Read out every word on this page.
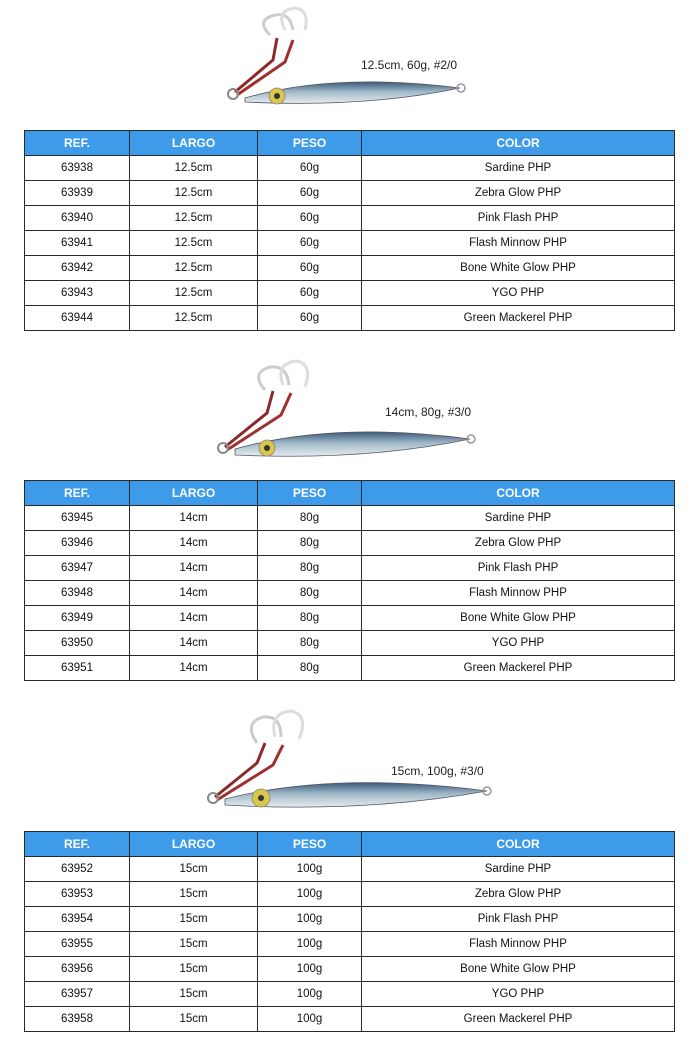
12.5cm, 60g, #2/0
REF.	LARGO	PESO	COLOR
63938	12.5cm	60g	Sardine PHP
63939	12.5cm	60g	Zebra Glow PHP
63940	12.5cm	60g	Pink Flash PHP
63941	12.5cm	60g	Flash Minnow PHP
63942	12.5cm	60g	Bone White Glow PHP
63943	12.5cm	60g	YGO PHP
63944	12.5cm	60g	Green Mackerel PHP
14cm, 80g, #3/0
REF.	LARGO	PESO	COLOR
63945	14cm	80g	Sardine PHP
63946	14cm	80g	Zebra Glow PHP
63947	14cm	80g	Pink Flash PHP
63948	14cm	80g	Flash Minnow PHP
63949	14cm	80g	Bone White Glow PHP
63950	14cm	80g	YGO PHP
63951	14cm	80g	Green Mackerel PHP
15cm, 100g, #3/0
REF.	LARGO	PESO	COLOR
63952	15cm	100g	Sardine PHP
63953	15cm	100g	Zebra Glow PHP
63954	15cm	100g	Pink Flash PHP
63955	15cm	100g	Flash Minnow PHP
63956	15cm	100g	Bone White Glow PHP
63957	15cm	100g	YGO PHP
63958	15cm	100g	Green Mackerel PHP
